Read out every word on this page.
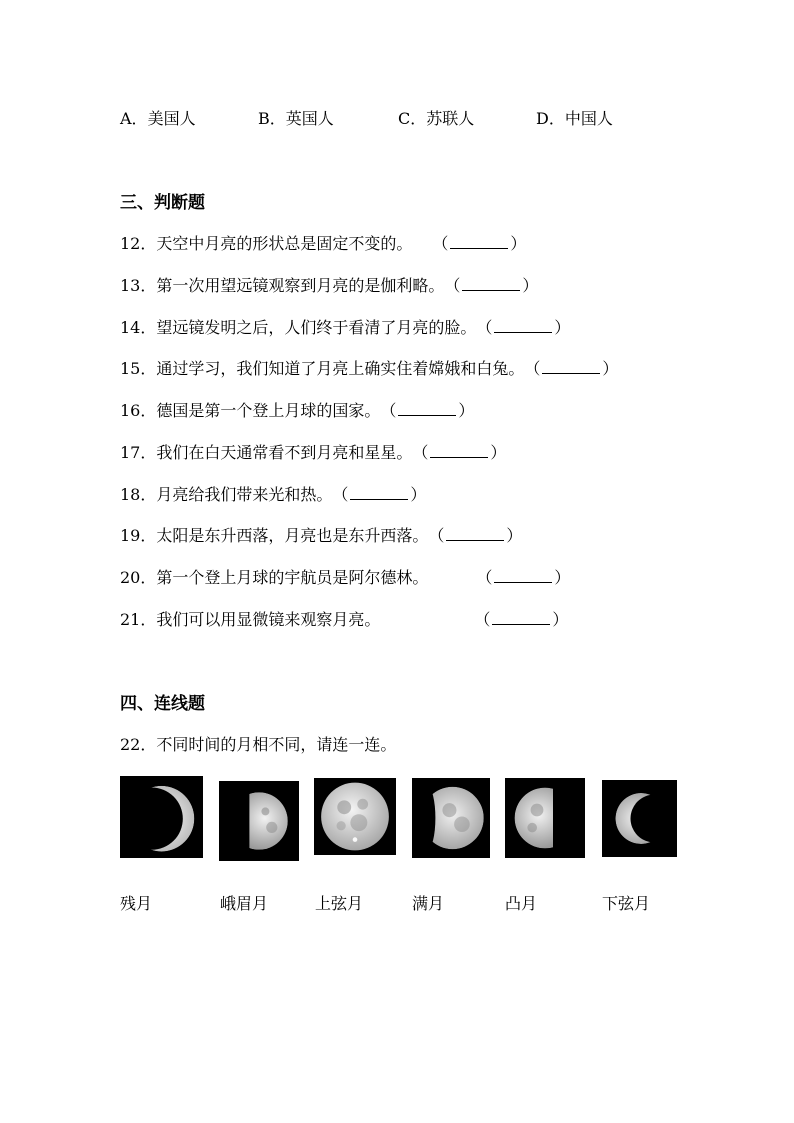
A．美国人	B．英国人	C．苏联人	D．中国人
三、判断题
12．天空中月亮的形状总是固定不变的。 （	）
13．第一次用望远镜观察到月亮的是伽利略。（	）
14．望远镜发明之后，人们终于看清了月亮的脸。（	）
15．通过学习，我们知道了月亮上确实住着嫦娥和白兔。（	）
16．德国是第一个登上月球的国家。（	）
17．我们在白天通常看不到月亮和星星。（	）
18．月亮给我们带来光和热。（	）
19．太阳是东升西落，月亮也是东升西落。（	）
20．第一个登上月球的宇航员是阿尔德林。	（	）
21．我们可以用显微镜来观察月亮。	（	）
四、连线题
22．不同时间的月相不同，请连一连。
残月	峨眉月	上弦月	满月	凸月	下弦月
